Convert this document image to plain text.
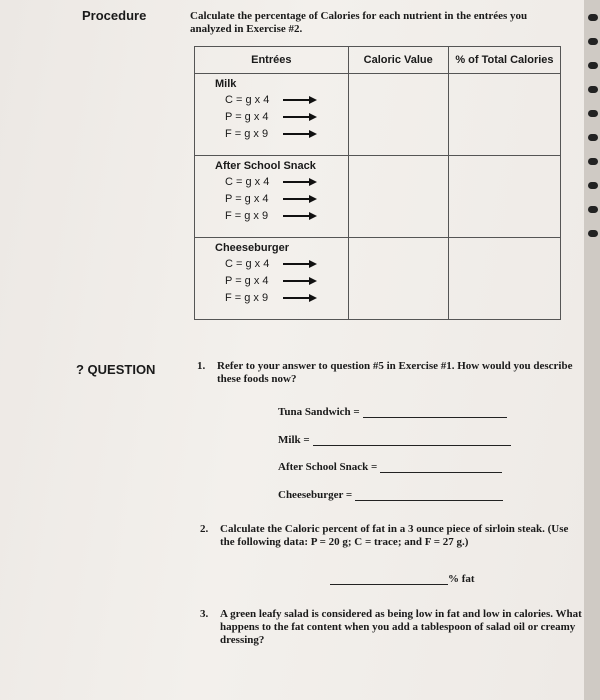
Procedure	Calculate the percentage of Calories for each nutrient in the entrées you analyzed in Exercise #2.
Entrées	Caloric Value	% of Total Calories

Milk
C = g x 4
P = g x 4
F = g x 9		

After School Snack
C = g x 4
P = g x 4
F = g x 9		

Cheeseburger
C = g x 4
P = g x 4
F = g x 9		

? QUESTION	1. Refer to your answer to question #5 in Exercise #1. How would you describe these foods now?
Tuna Sandwich =
Milk =
After School Snack =
Cheeseburger =
2. Calculate the Caloric percent of fat in a 3 ounce piece of sirloin steak. (Use the following data: P = 20 g; C = trace; and F = 27 g.)
% fat
3. A green leafy salad is considered as being low in fat and low in calories. What happens to the fat content when you add a tablespoon of salad oil or creamy dressing?
